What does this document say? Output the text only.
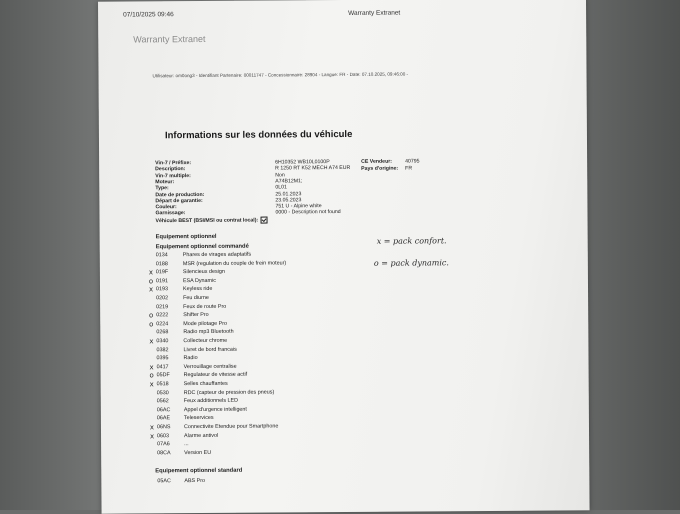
07/10/2025 09:46	Warranty Extranet
Warranty Extranet
Utilisateur: om0ong3 - Identifiant Partenaire: 00011747 - Concessionnaire: 28904 - Langue: FR - Date: 07.10.2025, 09:46:00 -
Informations sur les données du véhicule
Vin-7 / Préfixe:	6H10352 WB10L0100P
Description:	R 1250 RT K52 MECH A74 EUR
Vin-7 multiple:	Non
Moteur:	A74B12M1;
Type:	0L01
Date de production:	25.01.2023
Départ de garantie:	23.05.2023
Couleur:	751 U - Alpine white
Garnissage:	0000 - Description not found
Véhicule BEST (BSI/MSI ou contrat local):
CE Vendeur:	40795
Pays d'origine: FR
Equipement optionnel
Equipement optionnel commandé
0134	Phares de virages adaptatifs
0188	MSR (regulation du couple de frein moteur)
x 019F	Silencieux design
o 0191	ESA Dynamic
x 0193	Keyless ride
0202	Feu diurne
0219	Feux de route Pro
o 0222	Shifter Pro
o 0224	Mode pilotage Pro
0268	Radio mp3 Bluetooth
x 0340	Collecteur chrome
0382	Livret de bord francais
0395	Radio
x 0417	Verrouillage centralise
o 05DF	Regulateur de vitesse actif
x 0518	Selles chauffantes
0530	RDC (capteur de pression des pneus)
0562	Feux additionnels LED
06AC Appel d'urgence intelligent
06AE	Teleservices
x 06NS Connectivite Etendue pour Smartphone
x 0603	Alarme antivol
07A6	...
08CA Version EU
Equipement optionnel standard
05AC ABS Pro
x = pack confort.
o = pack dynamic.
